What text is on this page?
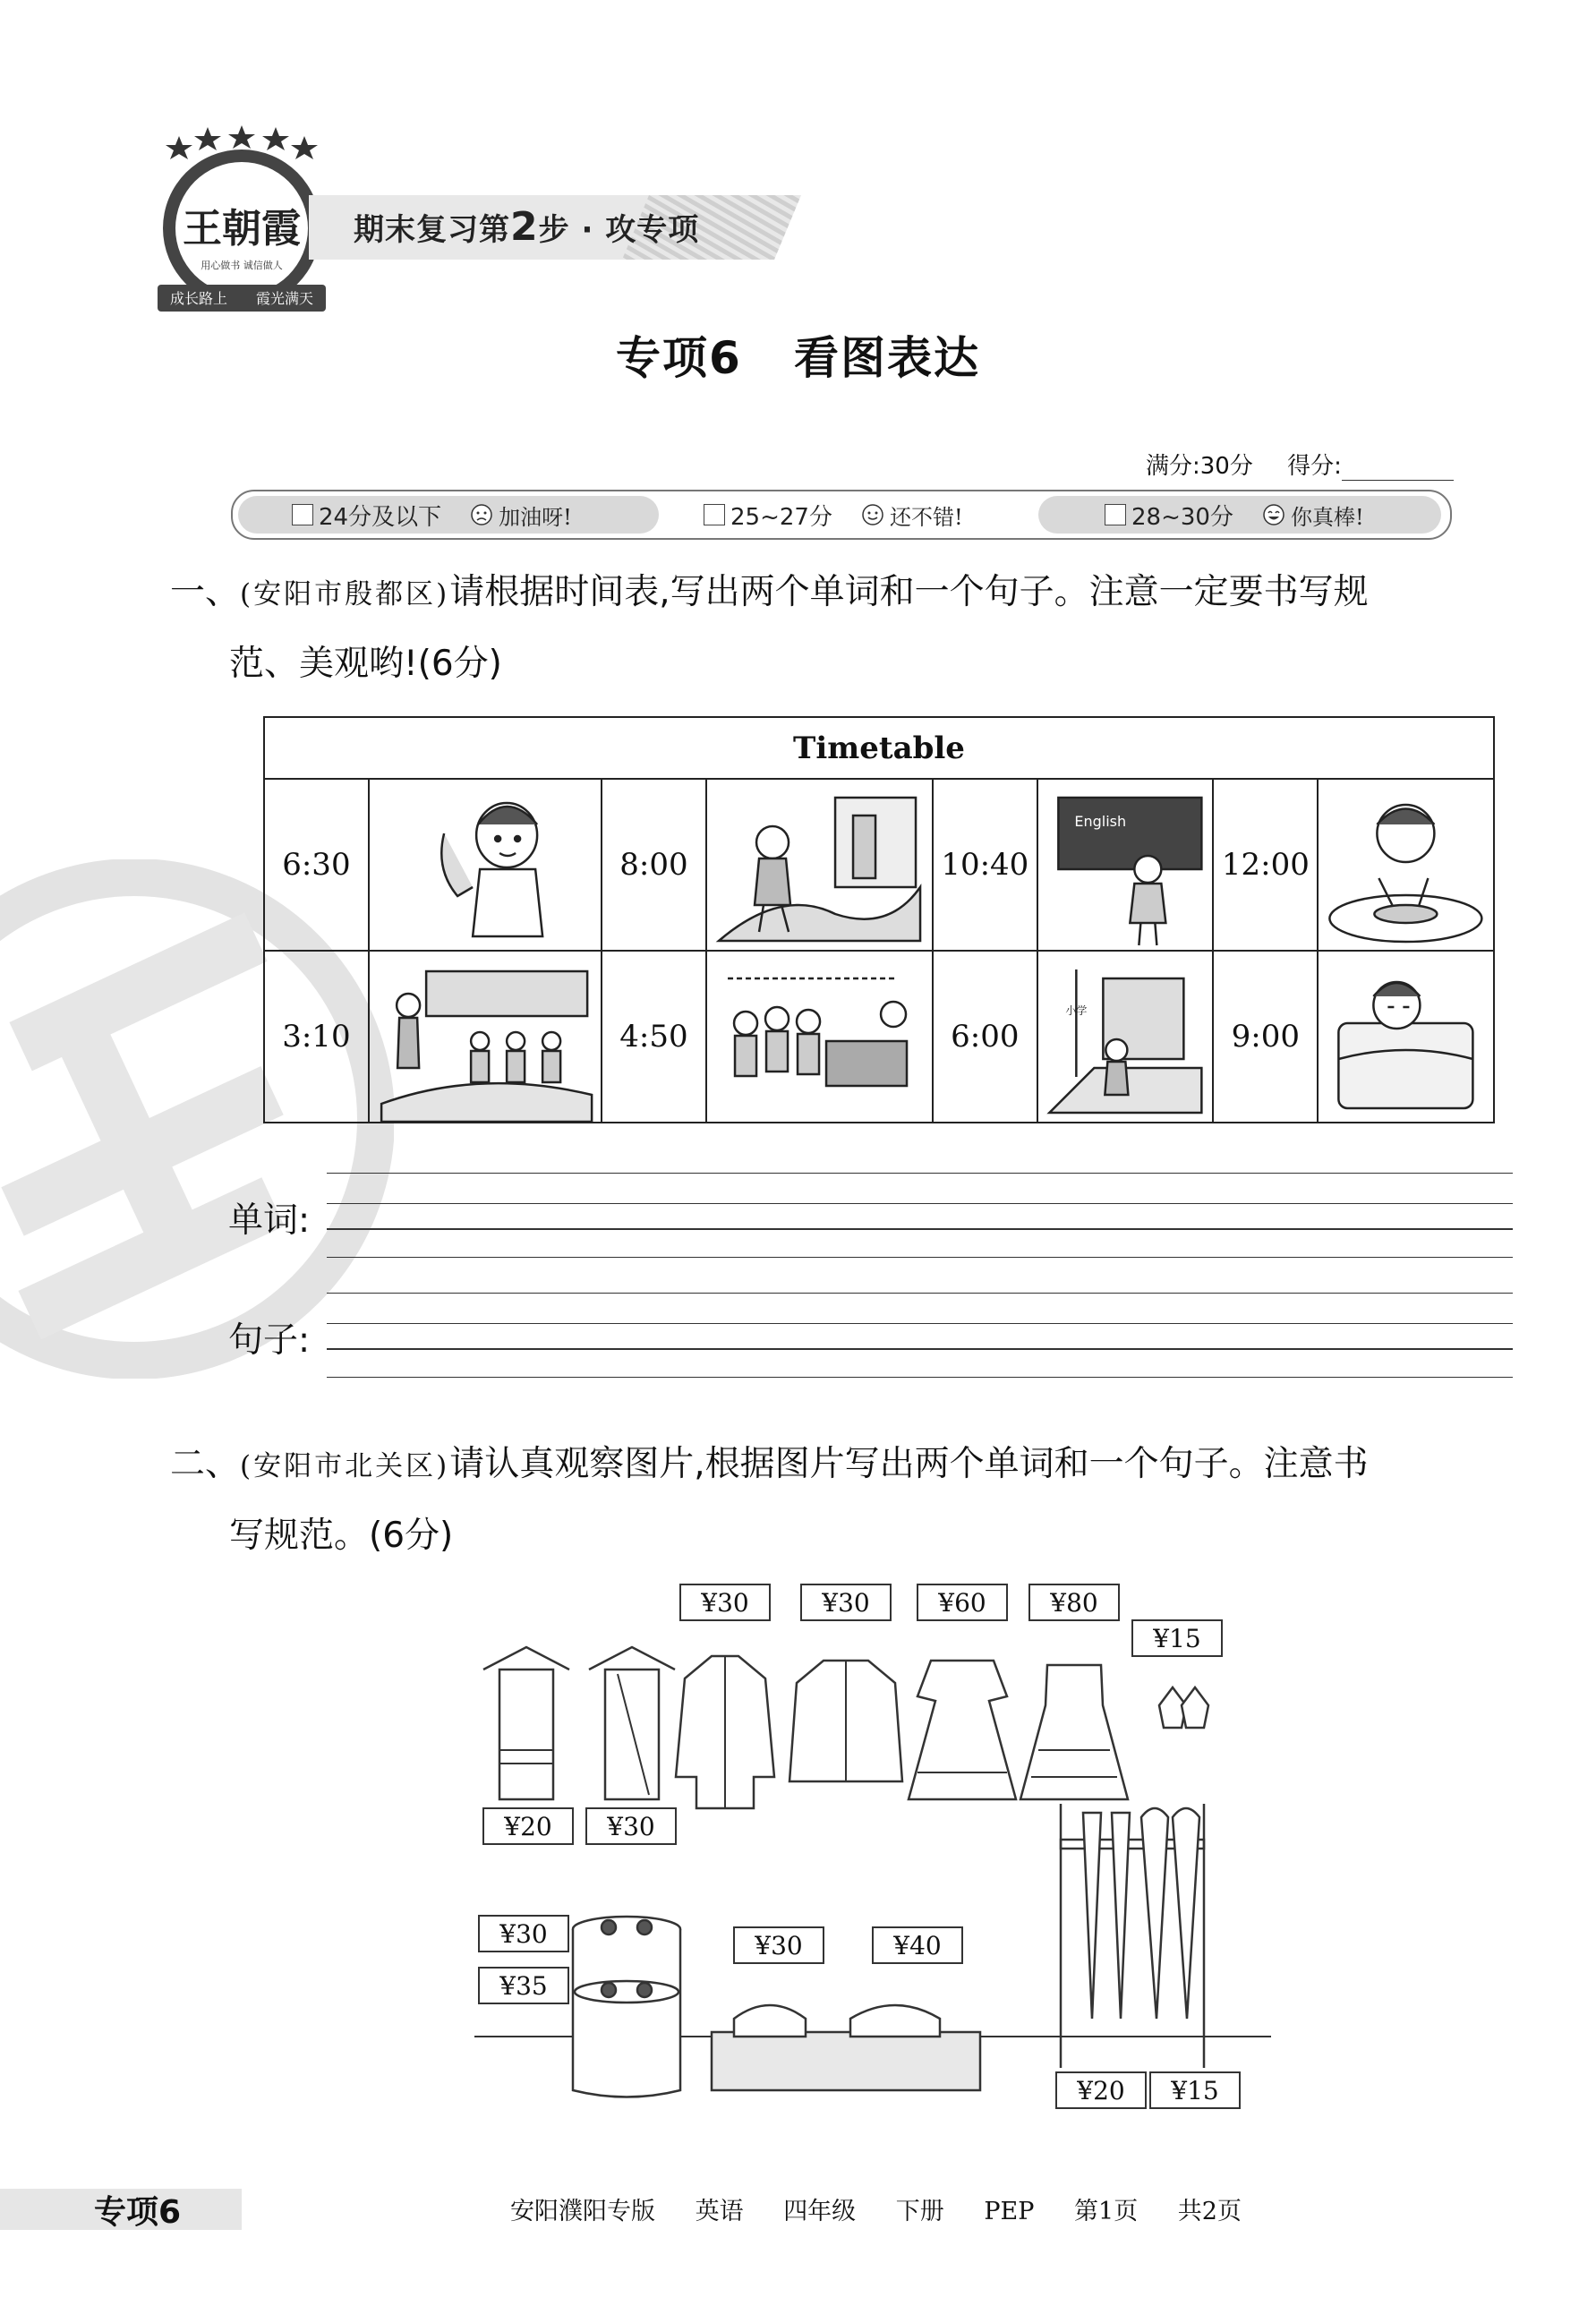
王朝霞
用心做书 诚信做人
成长路上 霞光满天
期末复习第2步 · 攻专项
专项6   看图表达
满分:30分 得分:
24分及以下	加油呀!	25~27分	还不错!	28~30分	你真棒!
一、(安阳市殷都区)请根据时间表,写出两个单词和一个句子。注意一定要书写规
范、美观哟!(6分)
Timetable							
6:30		8:00		10:40	English	12:00	

3:10		4:50		6:00	小学	9:00	
单词:
句子:
二、(安阳市北关区)请认真观察图片,根据图片写出两个单词和一个句子。注意书
写规范。(6分)
¥30	¥30	¥60	¥80
¥15
¥20 ¥30
¥30
¥35
¥30	¥40
¥20 ¥15
专项6	安阳濮阳专版 英语 四年级 下册 PEP 第1页 共2页
